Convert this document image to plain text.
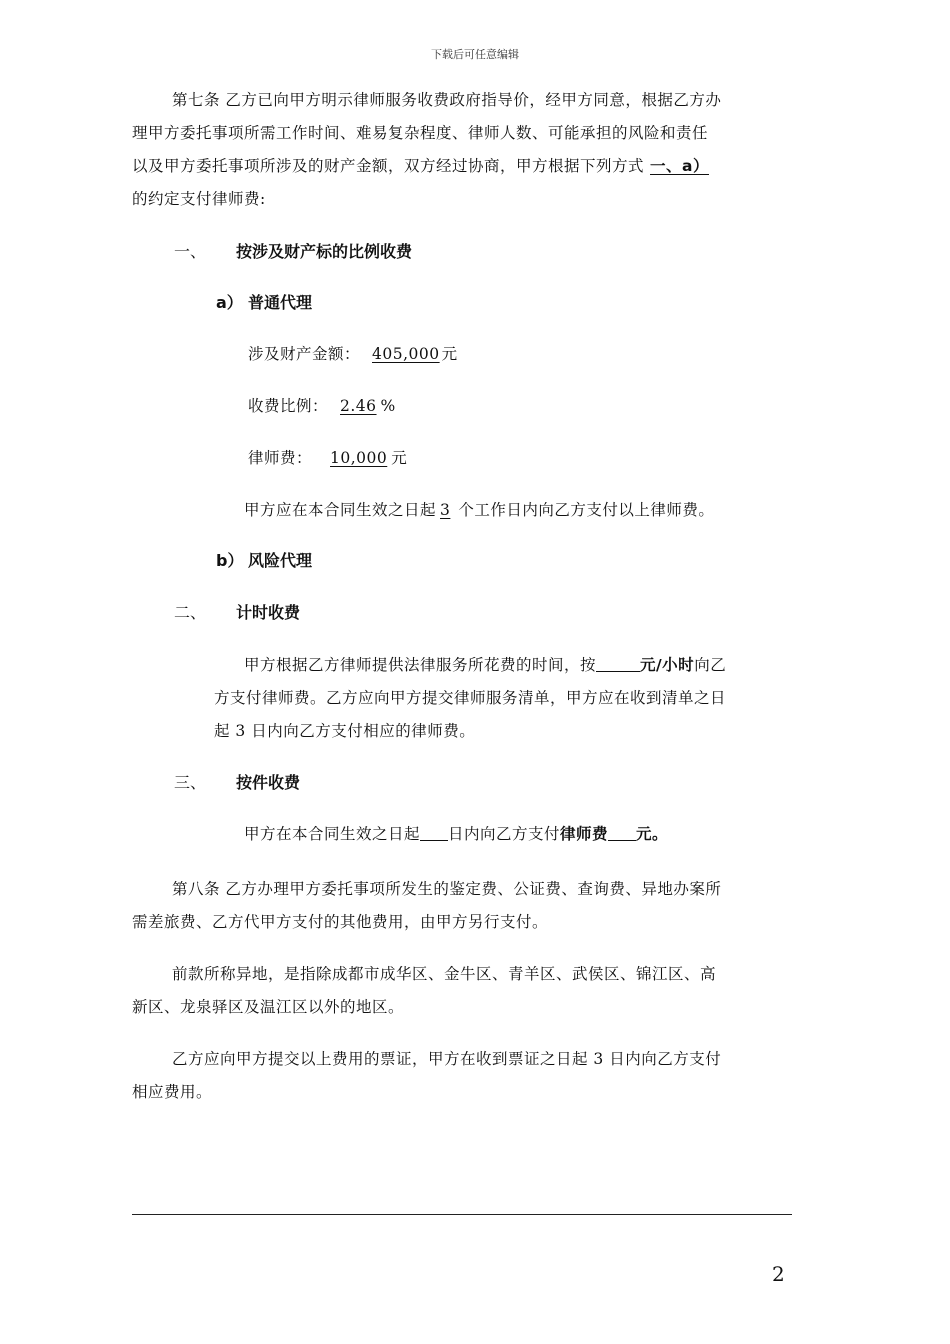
下载后可任意编辑
第七条 乙方已向甲方明示律师服务收费政府指导价，经甲方同意，根据乙方办
理甲方委托事项所需工作时间、难易复杂程度、律师人数、可能承担的风险和责任
以及甲方委托事项所涉及的财产金额，双方经过协商，甲方根据下列方式 一、a）
的约定支付律师费:
一、 按涉及财产标的比例收费
a） 普通代理
涉及财产金额： 405,000 元
收费比例： 2.46 %
律师费： 10,000 元
甲方应在本合同生效之日起 3 个工作日内向乙方支付以上律师费。
b） 风险代理
二、 计时收费
甲方根据乙方律师提供法律服务所花费的时间，按	元/小时向乙
方支付律师费。乙方应向甲方提交律师服务清单，甲方应在收到清单之日
起 3 日内向乙方支付相应的律师费。
三、 按件收费
甲方在本合同生效之日起 日内向乙方支付律师费 元。
第八条 乙方办理甲方委托事项所发生的鉴定费、公证费、查询费、异地办案所
需差旅费、乙方代甲方支付的其他费用，由甲方另行支付。
前款所称异地，是指除成都市成华区、金牛区、青羊区、武侯区、锦江区、高
新区、龙泉驿区及温江区以外的地区。
乙方应向甲方提交以上费用的票证，甲方在收到票证之日起 3 日内向乙方支付
相应费用。
2
